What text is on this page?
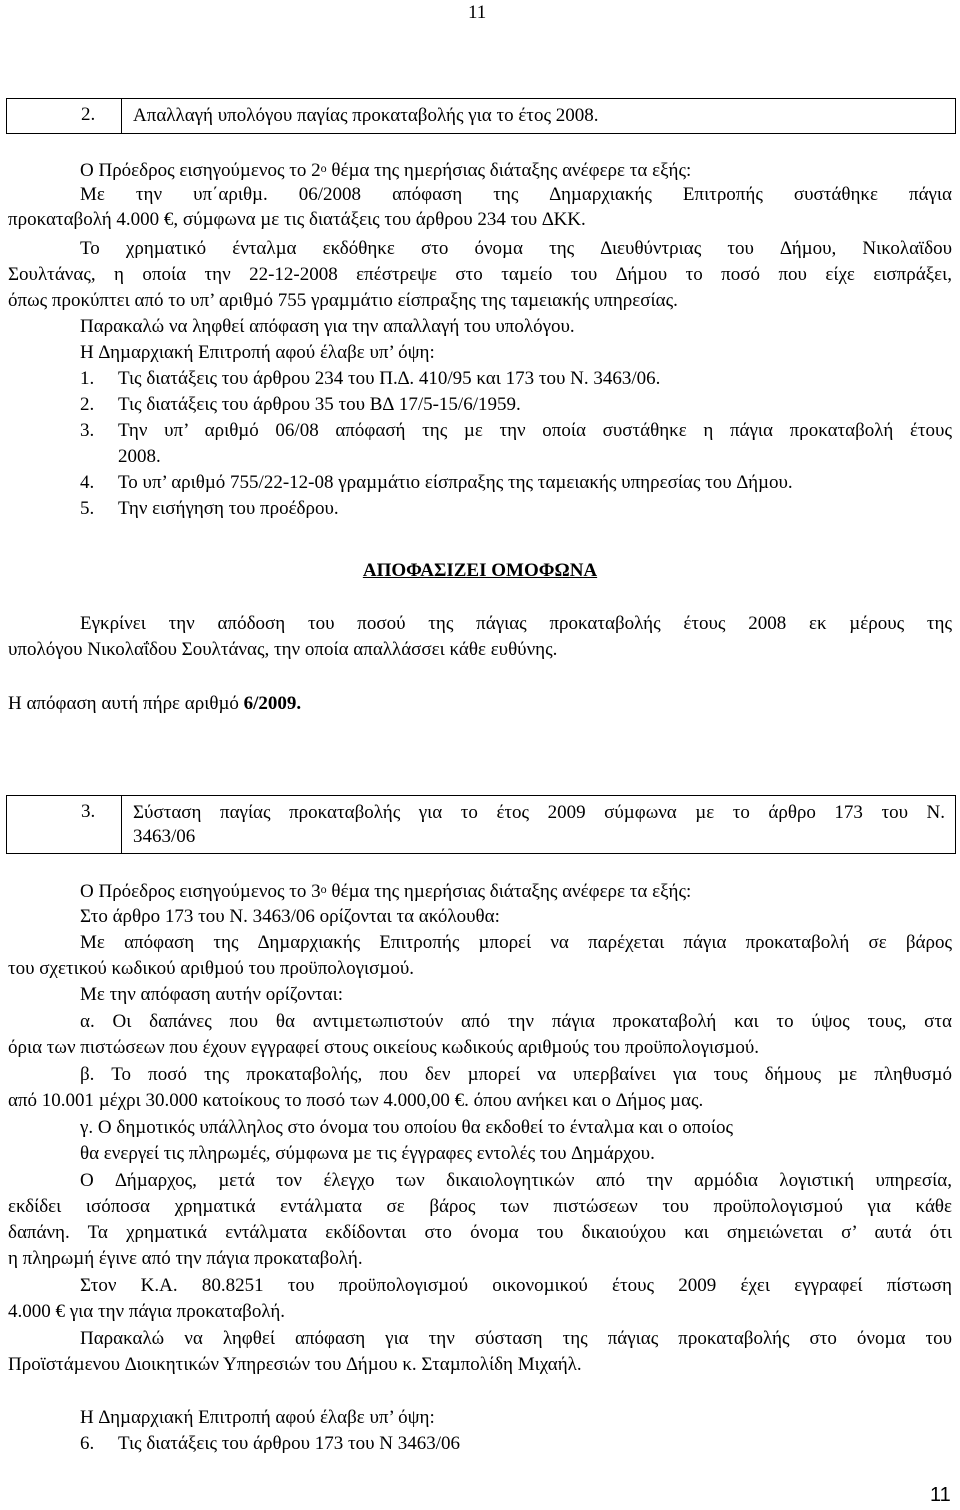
11
2. Απαλλαγή υπολόγου παγίας προκαταβολής για το έτος 2008.
Ο Πρόεδρος εισηγούµενος το $2^o$ θέµα της ηµερήσιας διάταξης ανέφερε τα εξής:
Με την υπ΄αριθµ. 06/2008 απόφαση της ∆ηµαρχιακής Επιτροπής συστάθηκε πάγια
προκαταβολή 4.000 €, σύµφωνα µε τις διατάξεις του άρθρου 234 του ∆ΚΚ.
Το χρηµατικό ένταλµα εκδόθηκε στο όνοµα της ∆ιευθύντριας του ∆ήµου, Νικολαϊδου
Σουλτάνας, η οποία την 22-12-2008 επέστρεψε στο ταµείο του ∆ήµου το ποσό που είχε εισπράξει,
όπως προκύπτει από το υπ’ αριθµό 755 γραµµάτιο είσπραξης της ταµειακής υπηρεσίας.
Παρακαλώ να ληφθεί απόφαση για την απαλλαγή του υπολόγου.
Η ∆ηµαρχιακή Επιτροπή αφού έλαβε υπ’ όψη:
1. Τις διατάξεις του άρθρου 234 του Π.∆. 410/95 και 173 του Ν. 3463/06.
2. Τις διατάξεις του άρθρου 35 του Β∆ 17/5-15/6/1959.
3. Την υπ’ αριθµό 06/08 απόφασή της µε την οποία συστάθηκε η πάγια προκαταβολή έτους
2008.
4. Το υπ’ αριθµό 755/22-12-08 γραµµάτιο είσπραξης της ταµειακής υπηρεσίας του ∆ήµου.
5. Την εισήγηση του προέδρου.
ΑΠΟΦΑΣΙΖΕΙ ΟΜΟΦΩΝΑ
Εγκρίνει την απόδοση του ποσού της πάγιας προκαταβολής έτους 2008 εκ µέρους της
υπολόγου Νικολαΐδου Σουλτάνας, την οποία απαλλάσσει κάθε ευθύνης.
Η απόφαση αυτή πήρε αριθµό 6/2009.
3. Σύσταση παγίας προκαταβολής για το έτος 2009 σύµφωνα µε το άρθρο 173 του Ν.
3463/06
Ο Πρόεδρος εισηγούµενος το $3^o$ θέµα της ηµερήσιας διάταξης ανέφερε τα εξής:
Στο άρθρο 173 του Ν. 3463/06 ορίζονται τα ακόλουθα:
Με απόφαση της ∆ηµαρχιακής Επιτροπής µπορεί να παρέχεται πάγια προκαταβολή σε βάρος
του σχετικού κωδικού αριθµού του προϋπολογισµού.
Με την απόφαση αυτήν ορίζονται:
α. Οι δαπάνες που θα αντιµετωπιστούν από την πάγια προκαταβολή και το ύψος τους, στα
όρια των πιστώσεων που έχουν εγγραφεί στους οικείους κωδικούς αριθµούς του προϋπολογισµού.
β. Το ποσό της προκαταβολής, που δεν µπορεί να υπερβαίνει για τους δήµους µε πληθυσµό
από 10.001 µέχρι 30.000 κατοίκους το ποσό των 4.000,00 €. όπου ανήκει και ο ∆ήµος µας.
γ. Ο δηµοτικός υπάλληλος στο όνοµα του οποίου θα εκδοθεί το ένταλµα και ο οποίος
θα ενεργεί τις πληρωµές, σύµφωνα µε τις έγγραφες εντολές του ∆ηµάρχου.
Ο ∆ήµαρχος, µετά τον έλεγχο των δικαιολογητικών από την αρµόδια λογιστική υπηρεσία,
εκδίδει ισόποσα χρηµατικά εντάλµατα σε βάρος των πιστώσεων του προϋπολογισµού για κάθε
δαπάνη. Τα χρηµατικά εντάλµατα εκδίδονται στο όνοµα του δικαιούχου και σηµειώνεται σ’ αυτά ότι
η πληρωµή έγινε από την πάγια προκαταβολή.
Στον Κ.Α. 80.8251 του προϋπολογισµού οικονοµικού έτους 2009 έχει εγγραφεί πίστωση
4.000 € για την πάγια προκαταβολή.
Παρακαλώ να ληφθεί απόφαση για την σύσταση της πάγιας προκαταβολής στο όνοµα του
Προϊστάµενου ∆ιοικητικών Υπηρεσιών του ∆ήµου κ. Σταµπολίδη Μιχαήλ.
Η ∆ηµαρχιακή Επιτροπή αφού έλαβε υπ’ όψη:
6. Τις διατάξεις του άρθρου 173 του Ν 3463/06
11
